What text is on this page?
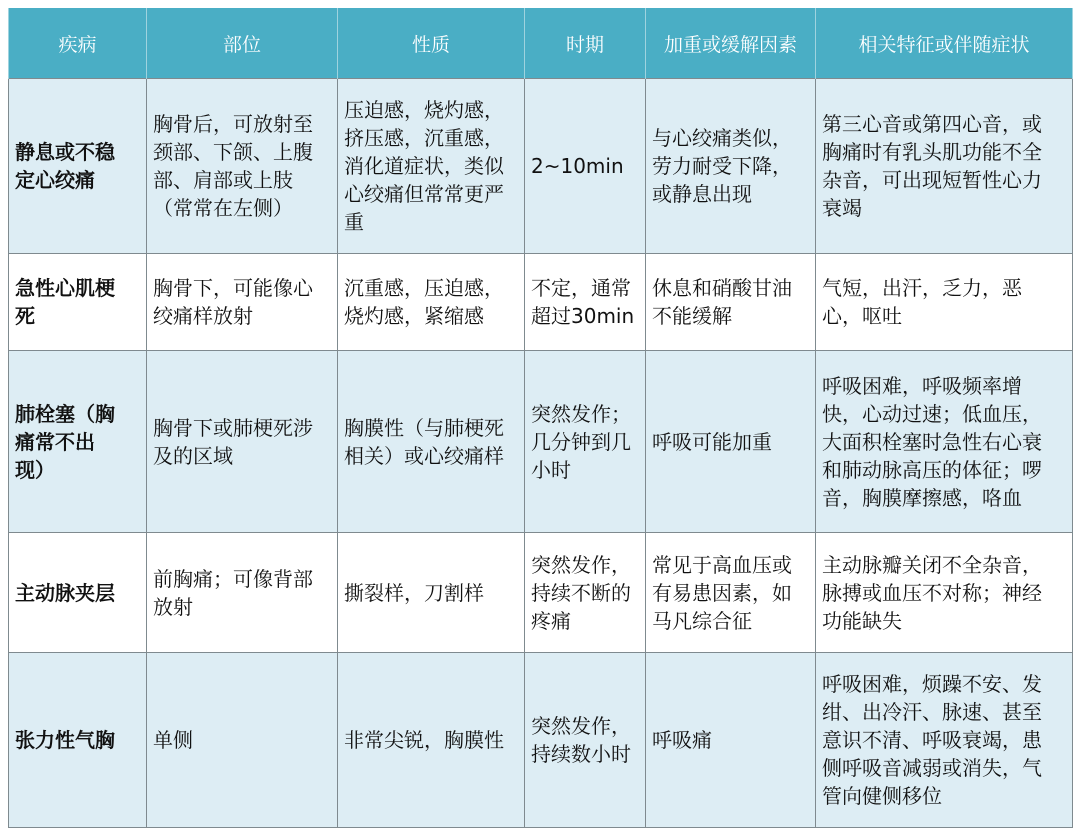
疾病	部位	性质	时期	加重或缓解因素	相关特征或伴随症状

静息或不稳
定心绞痛	胸骨后，可放射至
颈部、下颌、上腹
部、肩部或上肢
（常常在左侧）	压迫感，烧灼感，
挤压感，沉重感，
消化道症状，类似
心绞痛但常常更严
重	2~10min	与心绞痛类似，
劳力耐受下降，
或静息出现	第三心音或第四心音，或
胸痛时有乳头肌功能不全
杂音，可出现短暂性心力
衰竭

急性心肌梗
死	胸骨下，可能像心
绞痛样放射	沉重感，压迫感，
烧灼感，紧缩感	不定，通常
超过30min	休息和硝酸甘油
不能缓解	气短，出汗，乏力，恶
心，呕吐

肺栓塞（胸
痛常不出
现）	胸骨下或肺梗死涉
及的区域	胸膜性（与肺梗死
相关）或心绞痛样	突然发作；
几分钟到几
小时	呼吸可能加重	呼吸困难，呼吸频率增
快，心动过速；低血压，
大面积栓塞时急性右心衰
和肺动脉高压的体征；啰
音，胸膜摩擦感，咯血

主动脉夹层	前胸痛；可像背部
放射	撕裂样，刀割样	突然发作，
持续不断的
疼痛	常见于高血压或
有易患因素，如
马凡综合征	主动脉瓣关闭不全杂音，
脉搏或血压不对称；神经
功能缺失

张力性气胸	单侧	非常尖锐，胸膜性	突然发作，
持续数小时	呼吸痛	呼吸困难，烦躁不安、发
绀、出冷汗、脉速、甚至
意识不清、呼吸衰竭，患
侧呼吸音减弱或消失，气
管向健侧移位
